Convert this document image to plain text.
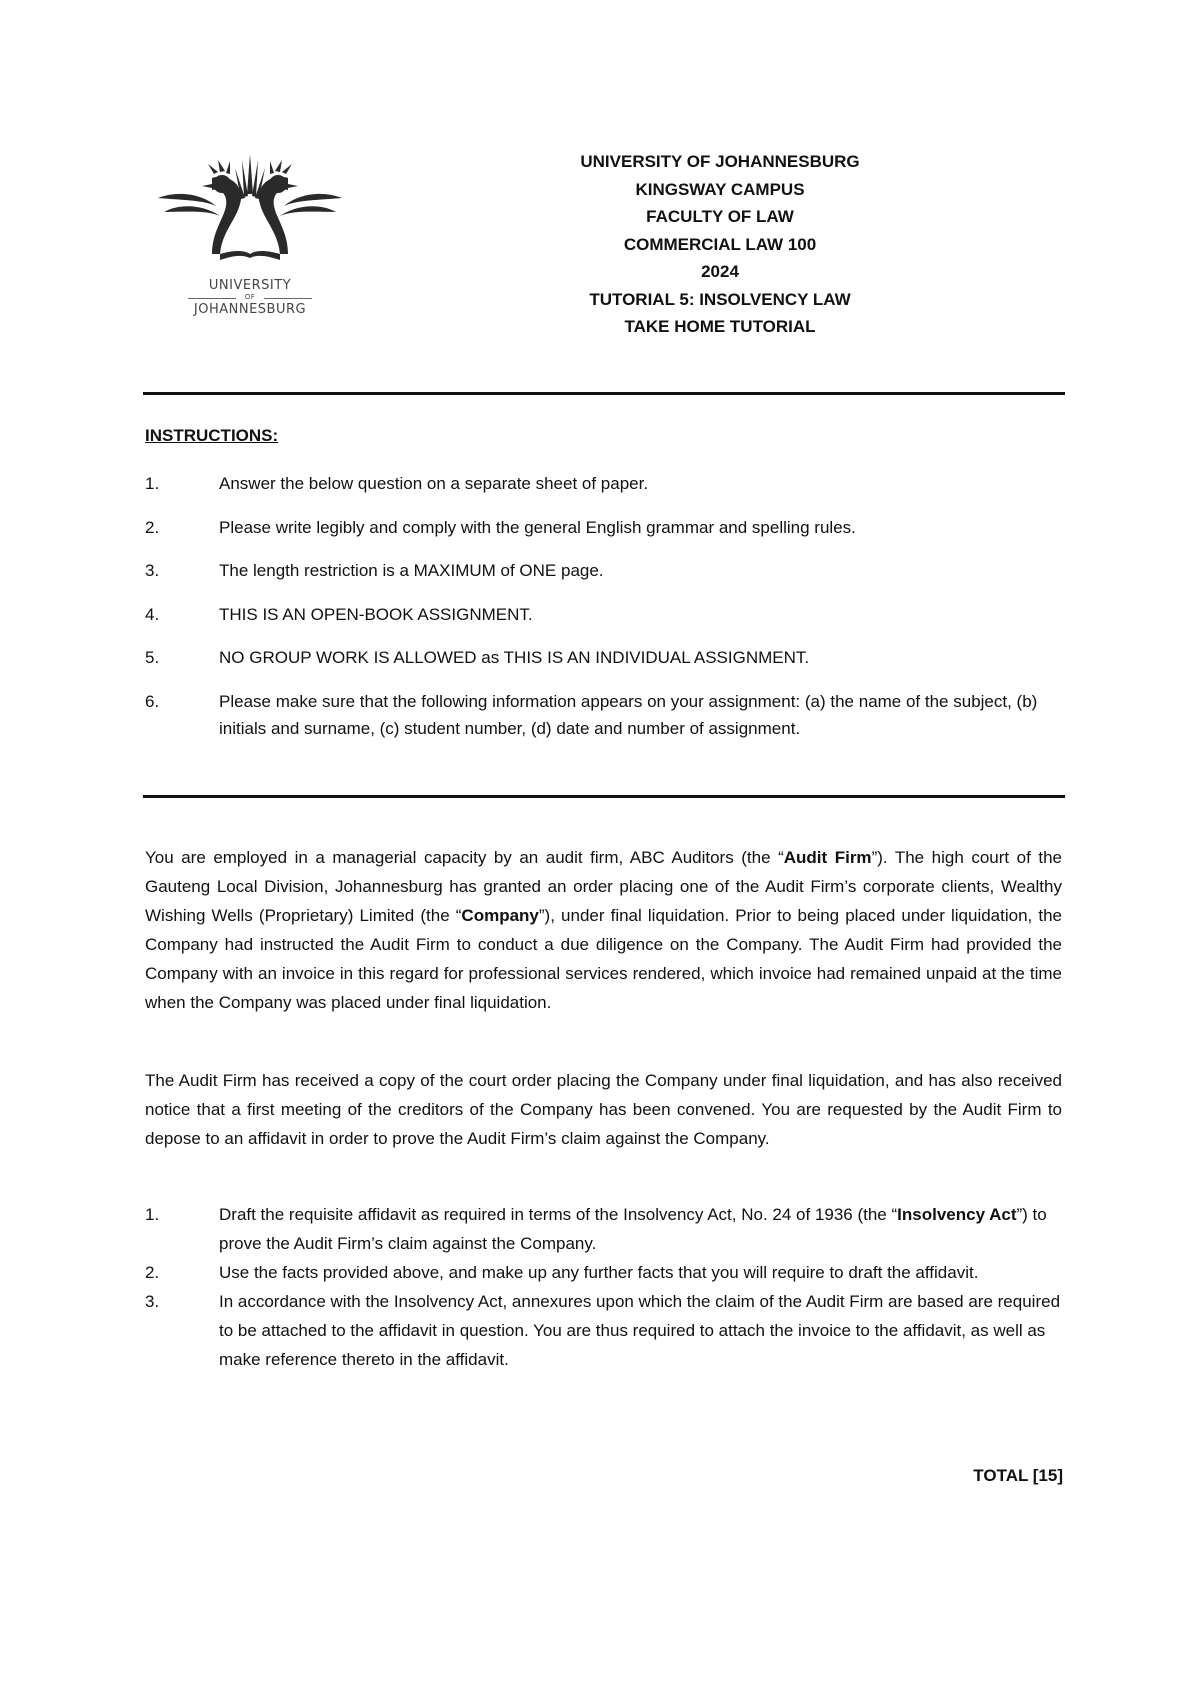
UNIVERSITY
OF
JOHANNESBURG
UNIVERSITY OF JOHANNESBURG
KINGSWAY CAMPUS
FACULTY OF LAW
COMMERCIAL LAW 100
2024
TUTORIAL 5: INSOLVENCY LAW
TAKE HOME TUTORIAL
INSTRUCTIONS:
1.	Answer the below question on a separate sheet of paper.
2.	Please write legibly and comply with the general English grammar and spelling rules.
3.	The length restriction is a MAXIMUM of ONE page.
4.	THIS IS AN OPEN-BOOK ASSIGNMENT.
5.	NO GROUP WORK IS ALLOWED as THIS IS AN INDIVIDUAL ASSIGNMENT.
6.	Please make sure that the following information appears on your assignment: (a) the name of the subject, (b) initials and surname, (c) student number, (d) date and number of assignment.

You are employed in a managerial capacity by an audit firm, ABC Auditors (the “Audit Firm”). The high court of the Gauteng Local Division, Johannesburg has granted an order placing one of the Audit Firm’s corporate clients, Wealthy Wishing Wells (Proprietary) Limited (the “Company”), under final liquidation. Prior to being placed under liquidation, the Company had instructed the Audit Firm to conduct a due diligence on the Company. The Audit Firm had provided the Company with an invoice in this regard for professional services rendered, which invoice had remained unpaid at the time when the Company was placed under final liquidation.

The Audit Firm has received a copy of the court order placing the Company under final liquidation, and has also received notice that a first meeting of the creditors of the Company has been convened. You are requested by the Audit Firm to depose to an affidavit in order to prove the Audit Firm’s claim against the Company.

1.	Draft the requisite affidavit as required in terms of the Insolvency Act, No. 24 of 1936 (the “Insolvency Act”) to prove the Audit Firm’s claim against the Company.
2.	Use the facts provided above, and make up any further facts that you will require to draft the affidavit.
3.	In accordance with the Insolvency Act, annexures upon which the claim of the Audit Firm are based are required to be attached to the affidavit in question. You are thus required to attach the invoice to the affidavit, as well as make reference thereto in the affidavit.
TOTAL [15]
